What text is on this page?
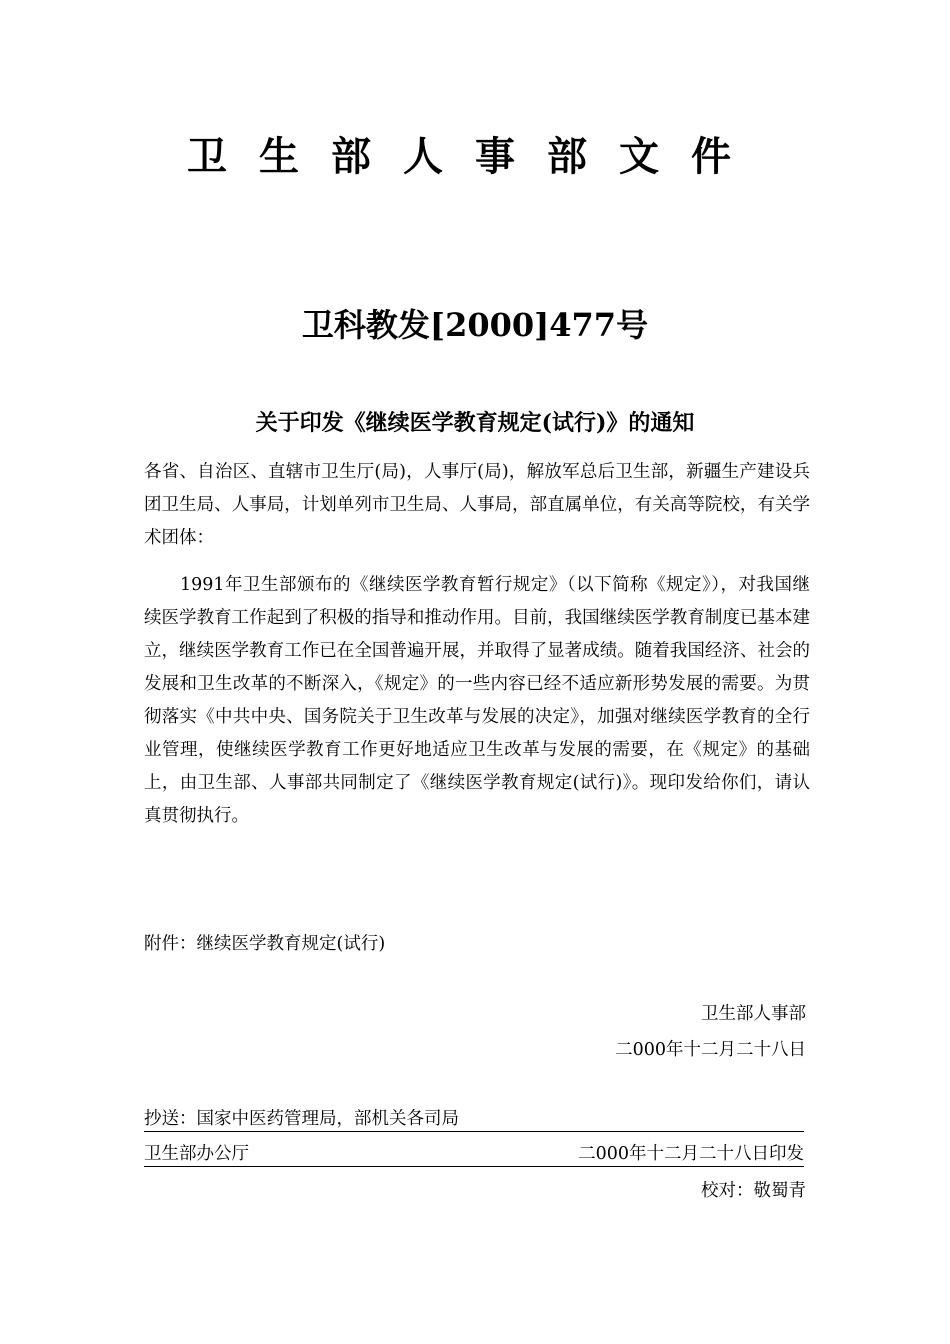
卫生部人事部文件
卫科教发[2000]477号
关于印发《继续医学教育规定(试行)》的通知

各省、自治区、直辖市卫生厅(局)，人事厅(局)，解放军总后卫生部，新疆生产建设兵团卫生局、人事局，计划单列市卫生局、人事局，部直属单位，有关高等院校，有关学术团体：

1991年卫生部颁布的《继续医学教育暂行规定》（以下简称《规定》），对我国继续医学教育工作起到了积极的指导和推动作用。目前，我国继续医学教育制度已基本建立，继续医学教育工作已在全国普遍开展，并取得了显著成绩。随着我国经济、社会的发展和卫生改革的不断深入，《规定》的一些内容已经不适应新形势发展的需要。为贯彻落实《中共中央、国务院关于卫生改革与发展的决定》，加强对继续医学教育的全行业管理，使继续医学教育工作更好地适应卫生改革与发展的需要，在《规定》的基础上，由卫生部、人事部共同制定了《继续医学教育规定(试行)》。现印发给你们，请认真贯彻执行。

附件：继续医学教育规定(试行)
卫生部人事部
二000年十二月二十八日
抄送：国家中医药管理局，部机关各司局
卫生部办公厅	二000年十二月二十八日印发
校对：敬蜀青
